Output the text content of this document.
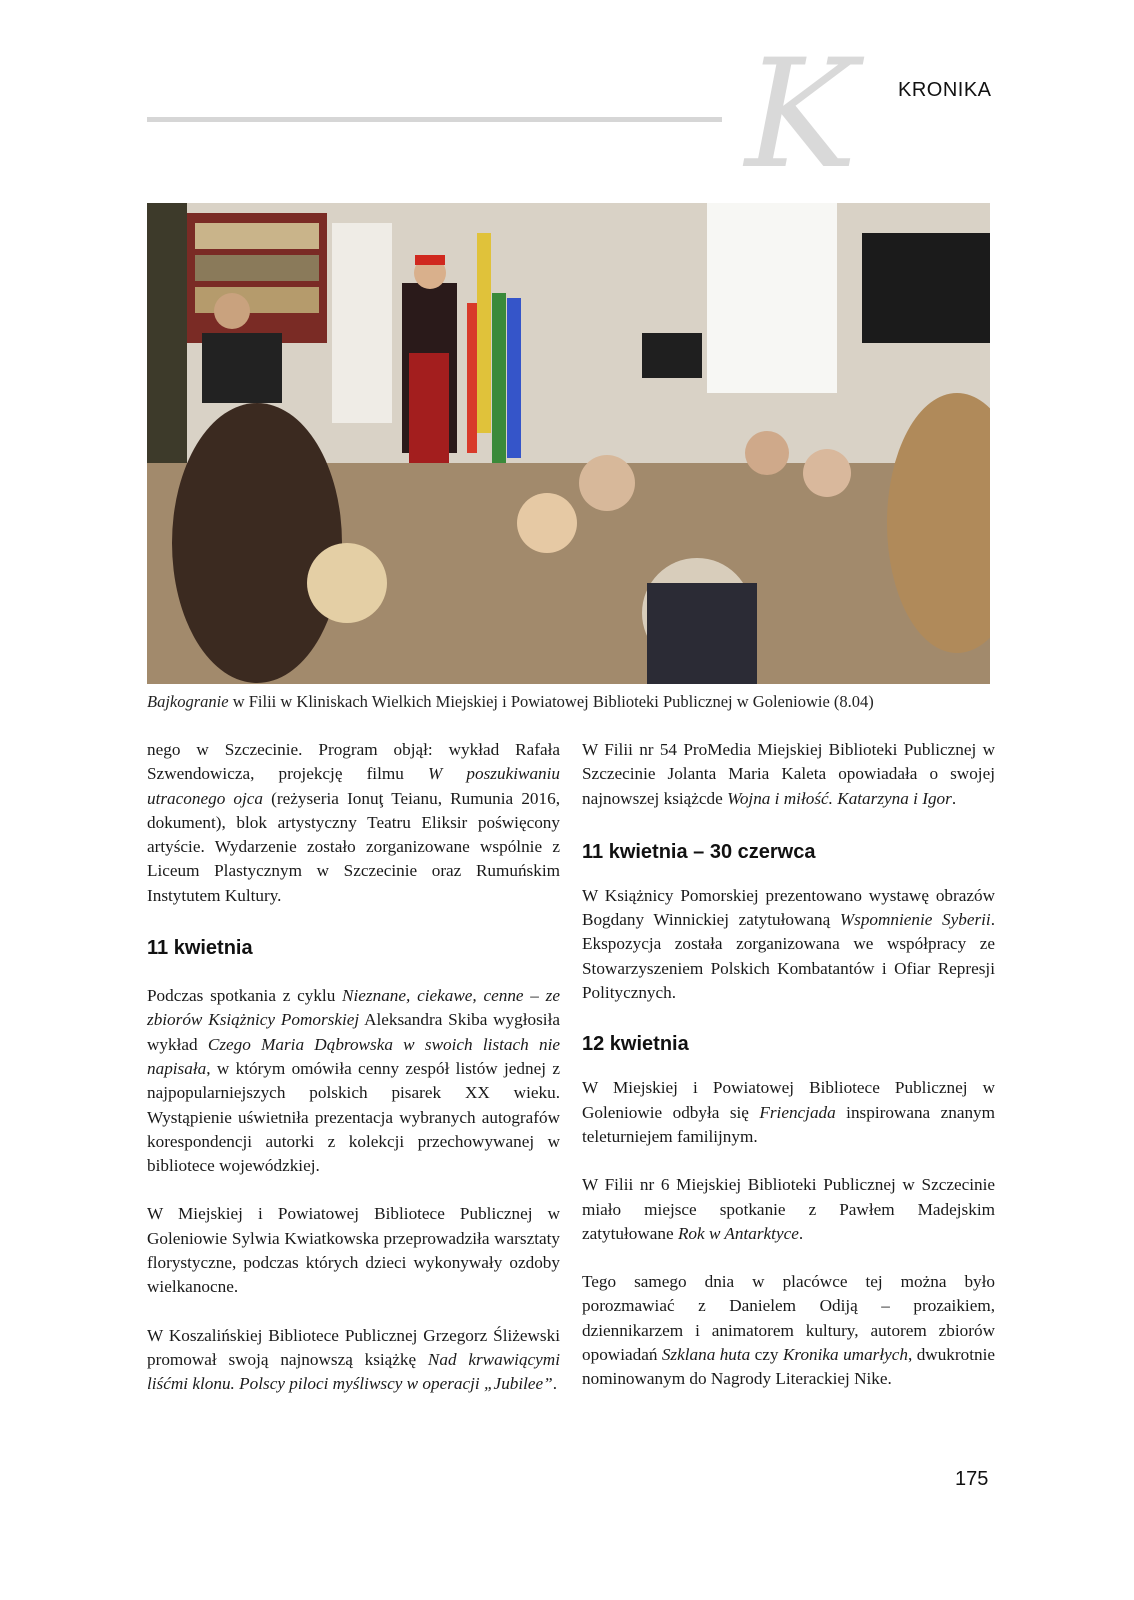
K KRONIKA
Bajkogranie w Filii w Kliniskach Wielkich Miejskiej i Powiatowej Biblioteki Publicznej w Goleniowie (8.04)

nego w Szczecinie. Program objął: wykład Rafała Szwendowicza, projekcję filmu W poszukiwaniu utraconego ojca (reżyseria Ionuţ Teianu, Rumunia 2016, dokument), blok artystyczny Teatru Eliksir poświęcony artyście. Wydarzenie zostało zorganizowane wspólnie z Liceum Plastycznym w Szczecinie oraz Rumuńskim Instytutem Kultury.

11 kwietnia

Podczas spotkania z cyklu Nieznane, ciekawe, cenne – ze zbiorów Książnicy Pomorskiej Aleksandra Skiba wygłosiła wykład Czego Maria Dąbrowska w swoich listach nie napisała, w którym omówiła cenny zespół listów jednej z najpopularniejszych polskich pisarek XX wieku. Wystąpienie uświetniła prezentacja wybranych autografów korespondencji autorki z kolekcji przechowywanej w bibliotece wojewódzkiej.

W Miejskiej i Powiatowej Bibliotece Publicznej w Goleniowie Sylwia Kwiatkowska przeprowadziła warsztaty florystyczne, podczas których dzieci wykonywały ozdoby wielkanocne.

W Koszalińskiej Bibliotece Publicznej Grzegorz Śliżewski promował swoją najnowszą książkę Nad krwawiącymi liśćmi klonu. Polscy piloci myśliwscy w operacji „Jubilee”.

W Filii nr 54 ProMedia Miejskiej Biblioteki Publicznej w Szczecinie Jolanta Maria Kaleta opowiadała o swojej najnowszej książcde Wojna i miłość. Katarzyna i Igor.

11 kwietnia – 30 czerwca

W Książnicy Pomorskiej prezentowano wystawę obrazów Bogdany Winnickiej zatytułowaną Wspomnienie Syberii. Ekspozycja została zorganizowana we współpracy ze Stowarzyszeniem Polskich Kombatantów i Ofiar Represji Politycznych.

12 kwietnia

W Miejskiej i Powiatowej Bibliotece Publicznej w Goleniowie odbyła się Friencjada inspirowana znanym teleturniejem familijnym.

W Filii nr 6 Miejskiej Biblioteki Publicznej w Szczecinie miało miejsce spotkanie z Pawłem Madejskim zatytułowane Rok w Antarktyce.

Tego samego dnia w placówce tej można było porozmawiać z Danielem Odiją – prozaikiem, dziennikarzem i animatorem kultury, autorem zbiorów opowiadań Szklana huta czy Kronika umarłych, dwukrotnie nominowanym do Nagrody Literackiej Nike.

175
